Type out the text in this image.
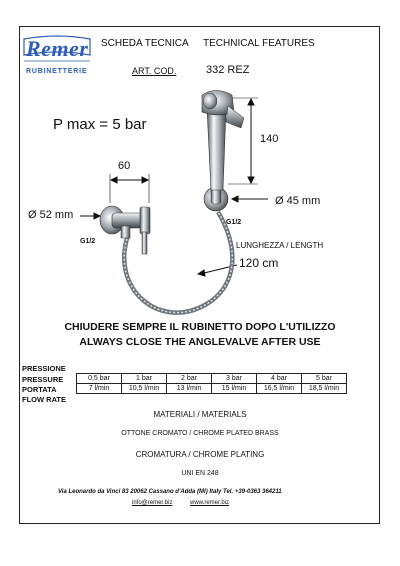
Remer
RUBINETTERIE
SCHEDA TECNICA TECHNICAL FEATURES
ART. COD.	332 REZ
P max = 5 bar
60
140
Ø 45 mm
Ø 52 mm
G1/2
G1/2
LUNGHEZZA / LENGTH
120 cm
CHIUDERE SEMPRE IL RUBINETTO DOPO L'UTILIZZO
ALWAYS CLOSE THE ANGLEVALVE AFTER USE
PRESSIONE
PRESSURE
PORTATA
FLOW RATE
0,5 bar	1 bar	2 bar	3 bar	4 bar	5 bar
7 l/min	10,5 l/min	13 l/min	15 l/min	16,5 l/min	18,5 l/min
MATERIALI / MATERIALS
OTTONE CROMATO / CHROME PLATED BRASS
CROMATURA / CHROME PLATING
UNI EN 248
Via Leonardo da Vinci 83 20062 Cassano d'Adda (MI) Italy Tel. +39-0363 364211
info@remer.biz	www.remer.biz
